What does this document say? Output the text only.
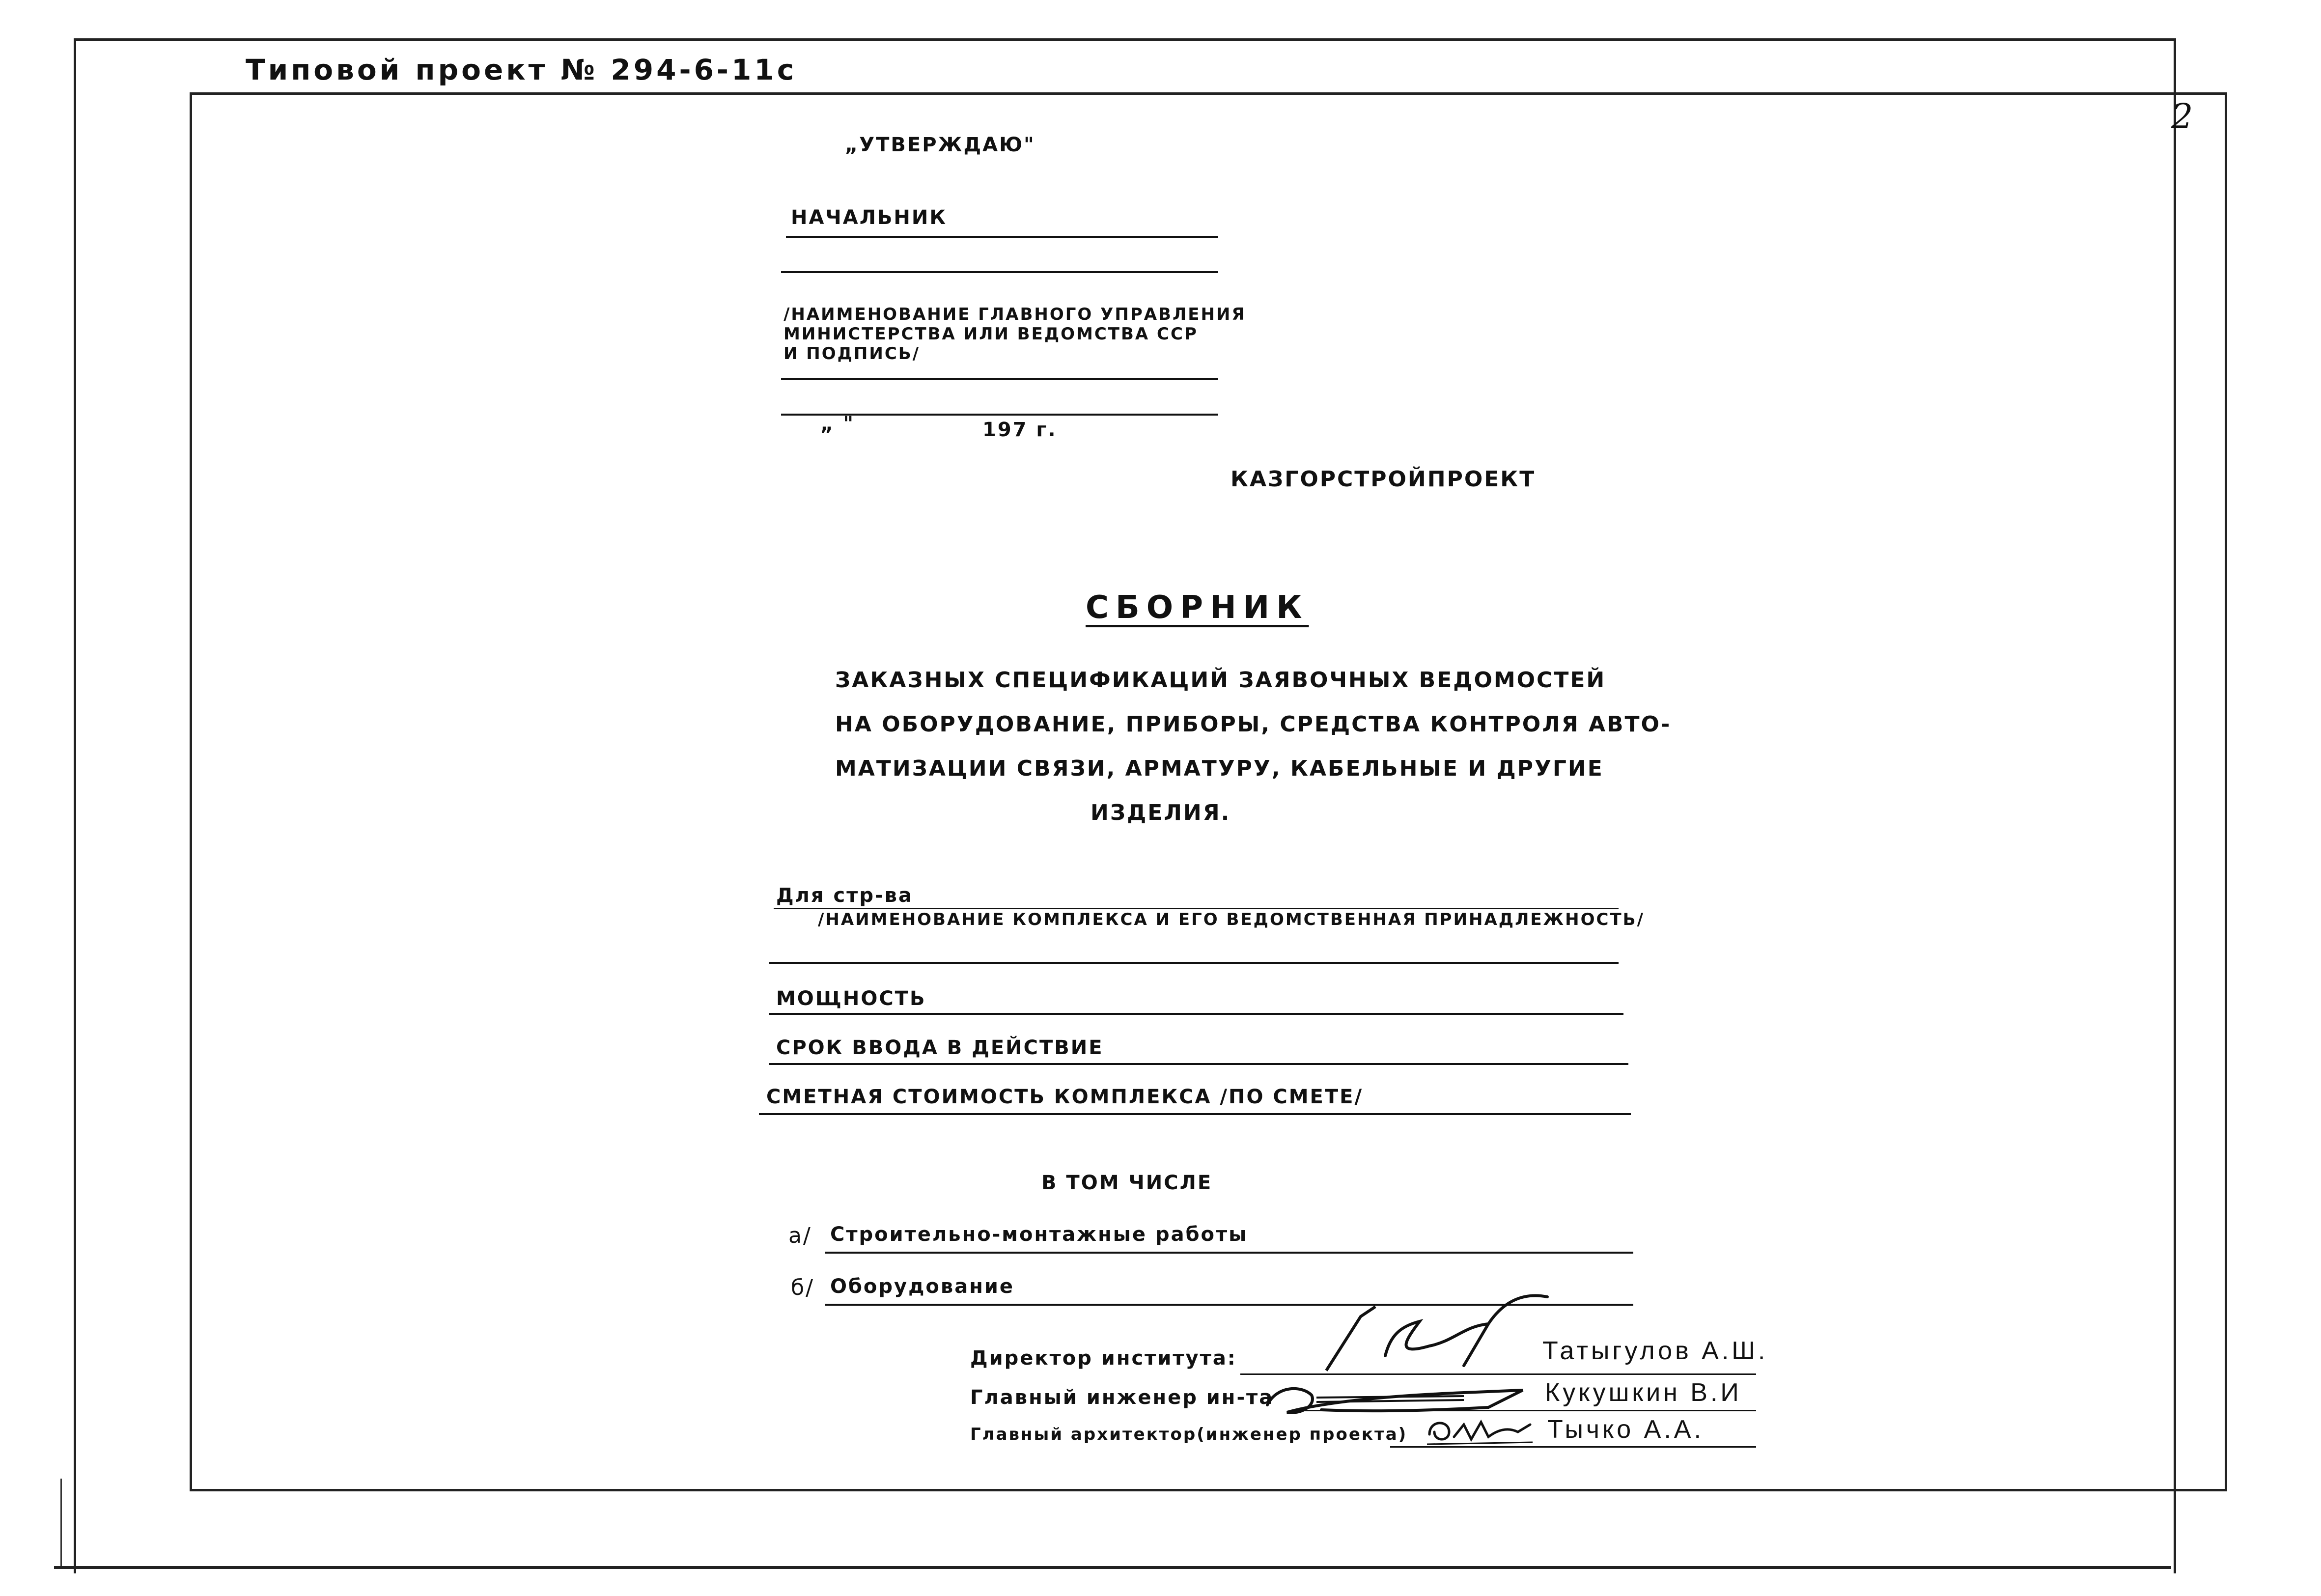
Типовой проект № 294-6-11с
2
„УТВЕРЖДАЮ"
НАЧАЛЬНИК
/НАИМЕНОВАНИЕ ГЛАВНОГО УПРАВЛЕНИЯ
МИНИСТЕРСТВА ИЛИ ВЕДОМСТВА ССР
И ПОДПИСЬ/
„ "	197 г.
КАЗГОРСТРОЙПРОЕКТ
СБОРНИК
ЗАКАЗНЫХ СПЕЦИФИКАЦИЙ ЗАЯВОЧНЫХ ВЕДОМОСТЕЙ
НА ОБОРУДОВАНИЕ, ПРИБОРЫ, СРЕДСТВА КОНТРОЛЯ АВТО-
МАТИЗАЦИИ СВЯЗИ, АРМАТУРУ, КАБЕЛЬНЫЕ И ДРУГИЕ
ИЗДЕЛИЯ.
Для стр-ва
/НАИМЕНОВАНИЕ КОМПЛЕКСА И ЕГО ВЕДОМСТВЕННАЯ ПРИНАДЛЕЖНОСТЬ/
МОЩНОСТЬ
СРОК ВВОДА В ДЕЙСТВИЕ
СМЕТНАЯ СТОИМОСТЬ КОМПЛЕКСА /ПО СМЕТЕ/
В ТОМ ЧИСЛЕ
а/ Строительно-монтажные работы
б/ Оборудование
Директор института:	Татыгулов А.Ш.
Главный инженер ин-та	Кукушкин В.И
Главный архитектор(инженер проекта)	Тычко А.А.
